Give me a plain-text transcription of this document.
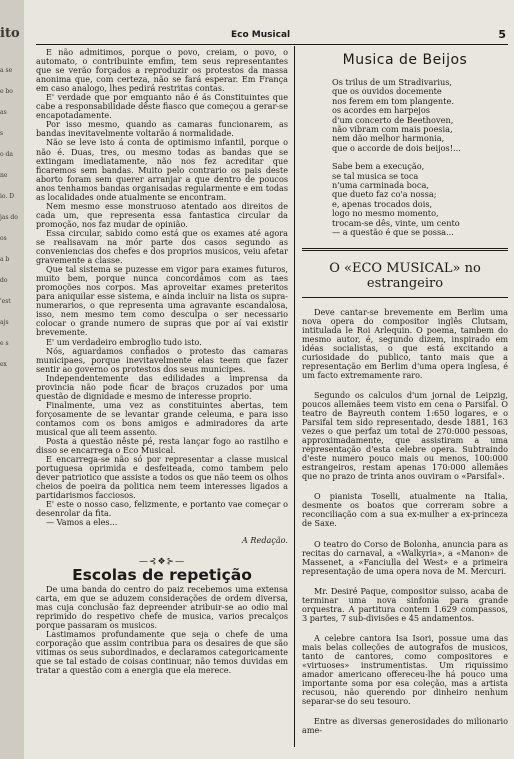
ito
a se
e bo
as
s
o da
ne
io. D
jas do
os
a b
do
'est
ajs
e s
ex
Eco Musical	5

E não admitimos, porque o povo, creiam, o povo, o automato, o contribuinte emfim, tem seus representantes que se verão forçados a reproduzir os protestos da massa anonima que, com certeza, não se fará esperar. Em França em caso analogo, lhes pedirá restritas contas.

E' verdade que por emquanto não é ás Constituintes que cabe a responsabilidade dêste fiasco que começou a gerar-se encapotadamente.

Por isso mesmo, quando as camaras funcionarem, as bandas inevitavelmente voltarão á normalidade.

Não se leve isto á conta de optimismo infantil, porque o não é. Duas, tres, ou mesmo todas as bandas que se extingam imediatamente, não nos fez acreditar que ficaremos sem bandas. Muito pelo contrario os pais deste aborto foram sem querer arranjar a que dentro de poucos anos tenhamos bandas organisadas regularmente e em todas as localidades onde atualmente se encontram.

Nem mesmo esse monstruoso atentado aos direitos de cada um, que representa essa fantastica circular da promoção, nos faz mudar de opinião.

Essa circular, sabido como está que os exames até agora se realisavam na mór parte dos casos segundo as conveniencias dos chefes e dos proprios musicos, veiu afetar gravemente a classe.

Que tal sistema se puzesse em vigor para exames futuros, muito bem, porque nunca concordámos com as taes promoções nos corpos. Mas aproveitar exames preteritos para aniquilar esse sistema, e ainda incluir na lista os supra-numerarios, o que representa uma agravante escandalosa, isso, nem mesmo tem como desculpa o ser necessario colocar o grande numero de supras que por aí vai existir brevemente.

E' um verdadeiro embroglio tudo isto.

Nós, aguardamos confiados o protesto das camaras municipaes, porque inevitavelmente elas teem que fazer sentir ao governo os protestos dos seus municipes.

Independentemente das edilidades a imprensa da provincia não pode ficar de braços cruzados por uma questão de dignidade e mesmo de interesse proprio.

Finalmente, uma vez as constituintes abertas, tem forçosamente de se levantar grande celeuma, e para isso contamos com os bons amigos e admiradores da arte musical que ali teem assento.

Posta a questão nêste pé, resta lançar fogo ao rastilho e disso se encarrega o Eco Musical.

E encarrega-se não só por representar a classe musical portuguesa oprimida e desfeiteada, como tambem pelo dever patriotico que assiste a todos os que não teem os olhos cheios de poeira da politica nem teem interesses ligados a partidarismos facciosos.

E' este o nosso caso, felizmente, e portanto vae começar o desenrolar da fita.

— Vamos a eles...

A Redação.
—⊰❖⊱—
Escolas de repetição

De uma banda do centro do paiz recebemos uma extensa carta, em que se aduzem considerações de ordem diversa, mas cuja conclusão faz depreender atribuir-se ao odio mal reprimido do respetivo chefe de musica, varios precalços porque passaram os musicos.

Lastimamos profundamente que seja o chefe de uma corporação que assim contribua para os desaires de que são vitimas os seus subordinados, e declaramos categoricamente que se tal estado de coisas continuar, não temos duvidas em tratar a questão com a energia que ela merece.

Musica de Beijos
Os trilus de um Stradivarius,
que os ouvidos docemente
nos ferem em tom plangente.
os acordes em harpejos
d'um concerto de Beethoven,
não vibram com mais poesia,
nem dão melhor harmonia,
que o accorde de dois beijos!...
Sabe bem a execução,
se tal musica se toca
n'uma carminada boca,
que dueto faz co'a nossa;
e, apenas trocados dois,
logo no mesmo momento,
trocam-se dês, vinte, um cento
— a questão é que se possa...
O «ECO MUSICAL» no estrangeiro

Deve cantar-se brevemente em Berlim uma nova opera do compositor inglês Clutsam, intitulada le Roi Arlequin. O poema, tambem do mesmo autor, é, segundo dizem, inspirado em idéas socialistas, o que está excitando a curiosidade do publico, tanto mais que a representação em Berlim d'uma opera inglesa, é um facto extremamente raro.

Segundo os calculos d'um jornal de Leipzig, poucos allemães teem visto em cena o Parsifal. O teatro de Bayreuth contem 1:650 logares, e o Parsifal tem sido representado, desde 1881, 163 vezes o que perfaz um total de 270:000 pessoas, approximadamente, que assistiram a uma representação d'esta celebre opera. Subtraindo d'este numero pouco mais ou menos, 100:000 estrangeiros, restam apenas 170:000 allemães que no prazo de trinta anos ouviram o «Parsifal».

O pianista Toselli, atualmente na Italia, desmente os boatos que correram sobre a reconciliação com a sua ex-mulher a ex-princeza de Saxe.

O teatro do Corso de Bolonha, anuncia para as recitas do carnaval, a «Walkyria», a «Manon» de Massenet, a «Fanciulla del West» e a primeira representação de uma opera nova de M. Mercuri.

Mr. Desiré Paque, compositor suisso, acaba de terminar uma nova sinfonia para grande orquestra. A partitura contem 1.629 compassos, 3 partes, 7 sub-divisões e 45 andamentos.

A celebre cantora Isa Isori, possue uma das mais belas colleções de autografos de musicos, tanto de cantores, como compositores e «virtuoses» instrumentistas. Um riquissimo amador americano offereceu-lhe há pouco uma importante soma por esa coleção, mas a artista recusou, não querendo por dinheiro nenhum separar-se do seu tesouro.

Entre as diversas generosidades do milionario ame-
